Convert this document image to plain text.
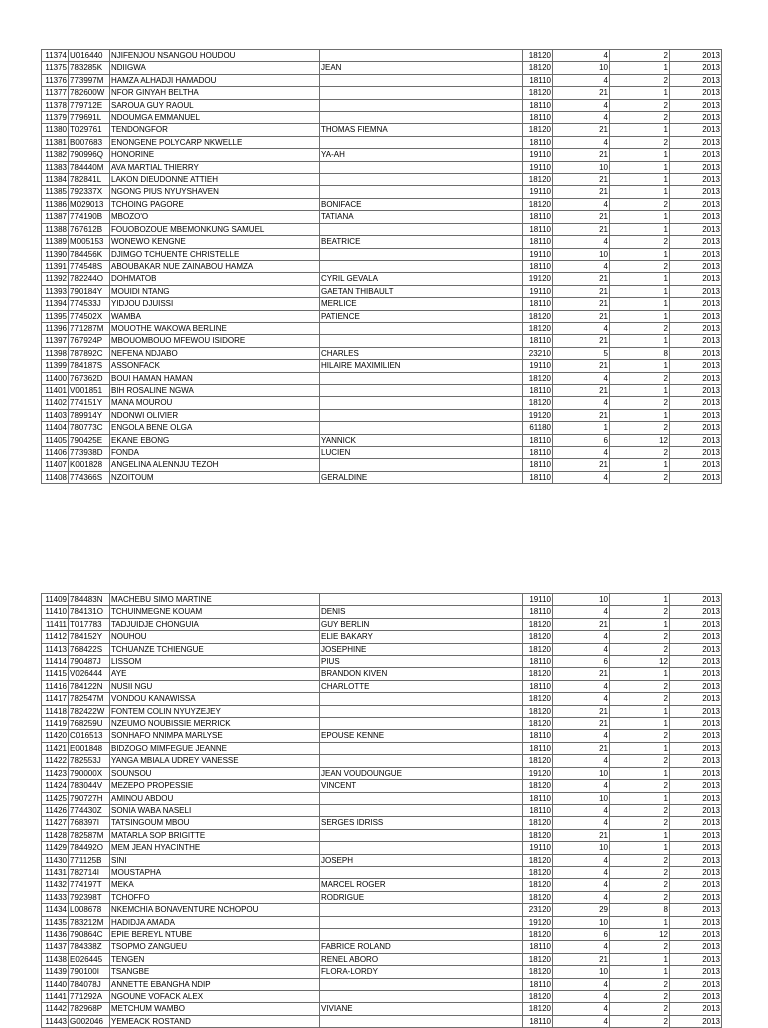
11374	U016440	NJIFENJOU NSANGOU HOUDOU		18120	4	2	2013
11375	783285K	NDIIGWA	JEAN	18120	10	1	2013
11376	773997M	HAMZA ALHADJI HAMADOU		18110	4	2	2013
11377	782600W	NFOR GINYAH BELTHA		18120	21	1	2013
11378	779712E	SAROUA GUY RAOUL		18110	4	2	2013
11379	779691L	NDOUMGA EMMANUEL		18110	4	2	2013
11380	T029761	TENDONGFOR	THOMAS FIEMNA	18120	21	1	2013
11381	B007683	ENONGENE POLYCARP NKWELLE		18110	4	2	2013
11382	790996Q	HONORINE	YA-AH	19110	21	1	2013
11383	784440M	AVA MARTIAL THIERRY		19110	10	1	2013
11384	782841L	LAKON DIEUDONNE ATTIEH		18120	21	1	2013
11385	792337X	NGONG PIUS NYUYSHAVEN		19110	21	1	2013
11386	M029013	TCHOING PAGORE	BONIFACE	18120	4	2	2013
11387	774190B	MBOZO'O	TATIANA	18110	21	1	2013
11388	767612B	FOUOBOZOUE MBEMONKUNG SAMUEL		18110	21	1	2013
11389	M005153	WONEWO KENGNE	BEATRICE	18110	4	2	2013
11390	784456K	DJIMGO TCHUENTE CHRISTELLE		19110	10	1	2013
11391	774548S	ABOUBAKAR NUE ZAINABOU HAMZA		18110	4	2	2013
11392	782244O	DOHMATOB	CYRIL GEVALA	19120	21	1	2013
11393	790184Y	MOUIDI NTANG	GAETAN THIBAULT	19110	21	1	2013
11394	774533J	YIDJOU DJUISSI	MERLICE	18110	21	1	2013
11395	774502X	WAMBA	PATIENCE	18120	21	1	2013
11396	771287M	MOUOTHE WAKOWA BERLINE		18120	4	2	2013
11397	767924P	MBOUOMBOUO MFEWOU ISIDORE		18110	21	1	2013
11398	787892C	NEFENA NDJABO	CHARLES	23210	5	8	2013
11399	784187S	ASSONFACK	HILAIRE MAXIMILIEN	19110	21	1	2013
11400	767362D	BOUI HAMAN HAMAN		18120	4	2	2013
11401	V001851	BIH ROSALINE NGWA		18110	21	1	2013
11402	774151Y	MANA MOUROU		18120	4	2	2013
11403	789914Y	NDONWI OLIVIER		19120	21	1	2013
11404	780773C	ENGOLA BENE OLGA		61180	1	2	2013
11405	790425E	EKANE EBONG	YANNICK	18110	6	12	2013
11406	773938D	FONDA	LUCIEN	18110	4	2	2013
11407	K001828	ANGELINA ALENNJU TEZOH		18110	21	1	2013
11408	774366S	NZOITOUM	GERALDINE	18110	4	2	2013
11409	784483N	MACHEBU SIMO MARTINE		19110	10	1	2013
11410	784131O	TCHUINMEGNE KOUAM	DENIS	18110	4	2	2013
11411	T017783	TADJUIDJE CHONGUIA	GUY BERLIN	18120	21	1	2013
11412	784152Y	NOUHOU	ELIE BAKARY	18120	4	2	2013
11413	768422S	TCHUANZE TCHIENGUE	JOSEPHINE	18120	4	2	2013
11414	790487J	LISSOM	PIUS	18110	6	12	2013
11415	V026444	AYE	BRANDON KIVEN	18120	21	1	2013
11416	784122N	NUSII NGU	CHARLOTTE	18110	4	2	2013
11417	782547M	VONDOU KANAWISSA		18120	4	2	2013
11418	782422W	FONTEM COLIN NYUYZEJEY		18120	21	1	2013
11419	768259U	NZEUMO NOUBISSIE MERRICK		18120	21	1	2013
11420	C016513	SONHAFO NNIMPA MARLYSE	EPOUSE KENNE	18110	4	2	2013
11421	E001848	BIDZOGO MIMFEGUE JEANNE		18110	21	1	2013
11422	782553J	YANGA MBIALA UDREY VANESSE		18120	4	2	2013
11423	790000X	SOUNSOU	JEAN VOUDOUNGUE	19120	10	1	2013
11424	783044V	MEZEPO PROPESSIE	VINCENT	18120	4	2	2013
11425	790727H	AMINOU ABDOU		18110	10	1	2013
11426	774430Z	SONIA WABA NASELI		18110	4	2	2013
11427	768397I	TATSINGOUM MBOU	SERGES IDRISS	18120	4	2	2013
11428	782587M	MATARLA SOP BRIGITTE		18120	21	1	2013
11429	784492O	MEM JEAN HYACINTHE		19110	10	1	2013
11430	771125B	SINI	JOSEPH	18120	4	2	2013
11431	782714I	MOUSTAPHA		18120	4	2	2013
11432	774197T	MEKA	MARCEL ROGER	18120	4	2	2013
11433	792398T	TCHOFFO	RODRIGUE	18120	4	2	2013
11434	L008678	NKEMCHIA BONAVENTURE NCHOPOU		23120	29	8	2013
11435	783212M	HADIDJA AMADA		19120	10	1	2013
11436	790864C	EPIE BEREYL NTUBE		18120	6	12	2013
11437	784338Z	TSOPMO ZANGUEU	FABRICE ROLAND	18110	4	2	2013
11438	E026445	TENGEN	RENEL ABORO	18120	21	1	2013
11439	790100I	TSANGBE	FLORA-LORDY	18120	10	1	2013
11440	784078J	ANNETTE EBANGHA NDIP		18110	4	2	2013
11441	771292A	NGOUNE VOFACK ALEX		18120	4	2	2013
11442	782968P	METCHUM WAMBO	VIVIANE	18120	4	2	2013
11443	G002046	YEMEACK ROSTAND		18110	4	2	2013
